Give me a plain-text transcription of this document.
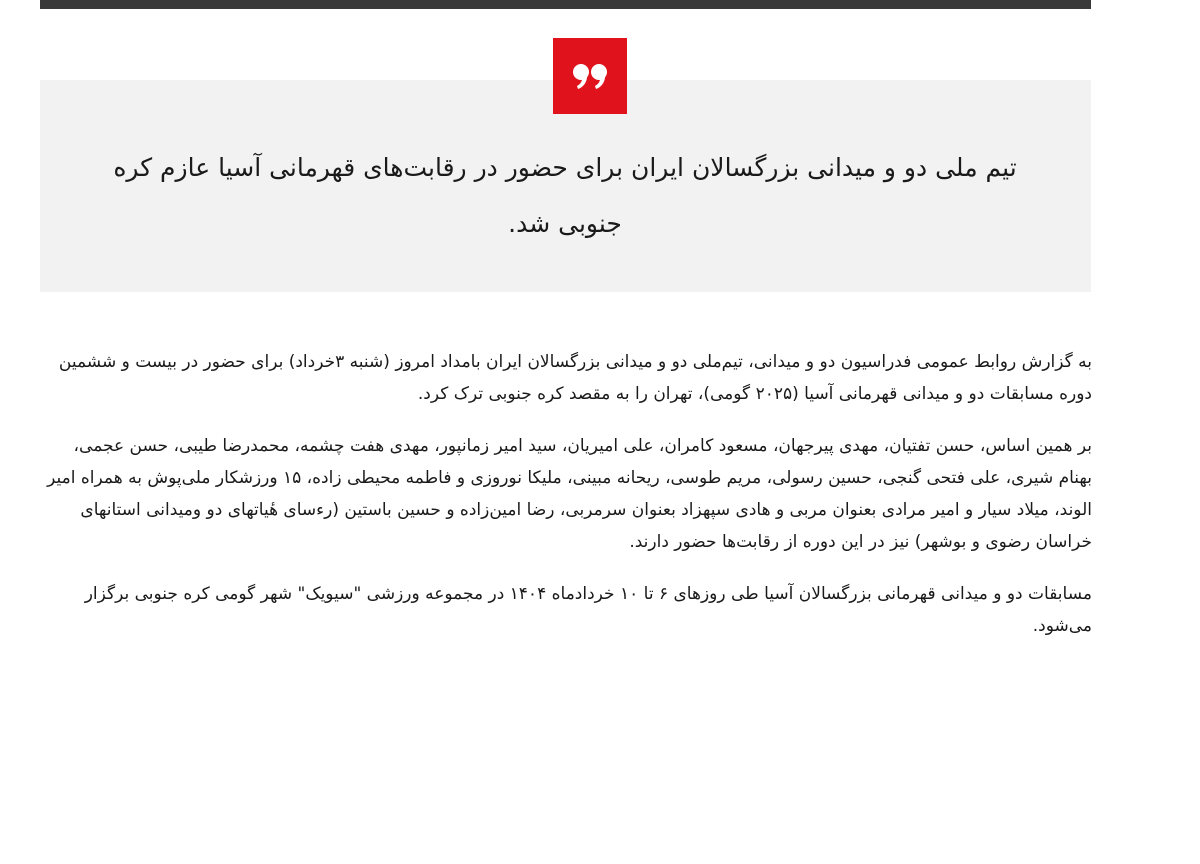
تیم ملی دو و میدانی بزرگسالان ایران برای حضور در رقابت‌های قهرمانی آسیا عازم کره جنوبی شد.

به گزارش روابط عمومی فدراسیون دو و میدانی، تیم‌ملی دو و میدانی بزرگسالان ایران بامداد امروز (شنبه ۳خرداد) برای حضور در بیست و ششمین دوره مسابقات دو و میدانی قهرمانی آسیا (۲۰۲۵ گومی)، تهران را به مقصد کره جنوبی ترک کرد.

بر همین اساس، حسن تفتیان، مهدی پیرجهان، مسعود کامران، علی امیریان، سید امیر زمانپور، مهدی هفت چشمه، محمدرضا طیبی، حسن عجمی، بهنام شیری، علی فتحی گنجی، حسین رسولی، مریم طوسی، ریحانه مبینی، ملیکا نوروزی و فاطمه محیطی زاده، ۱۵ ورزشکار ملی‌پوش به همراه امیر الوند، میلاد سیار و امیر مرادی بعنوان مربی و هادی سپهزاد بعنوان سرمربی، رضا امین‌زاده و حسین باستین (رءسای هٔیاتهای دو ومیدانی استانهای خراسان رضوی و بوشهر) نیز در این دوره از رقابت‌ها حضور دارند.

مسابقات دو و میدانی قهرمانی بزرگسالان آسیا طی روزهای ۶ تا ۱۰ خردادماه ۱۴۰۴ در مجموعه ورزشی "سیویک" شهر گومی کره جنوبی برگزار می‌شود.
